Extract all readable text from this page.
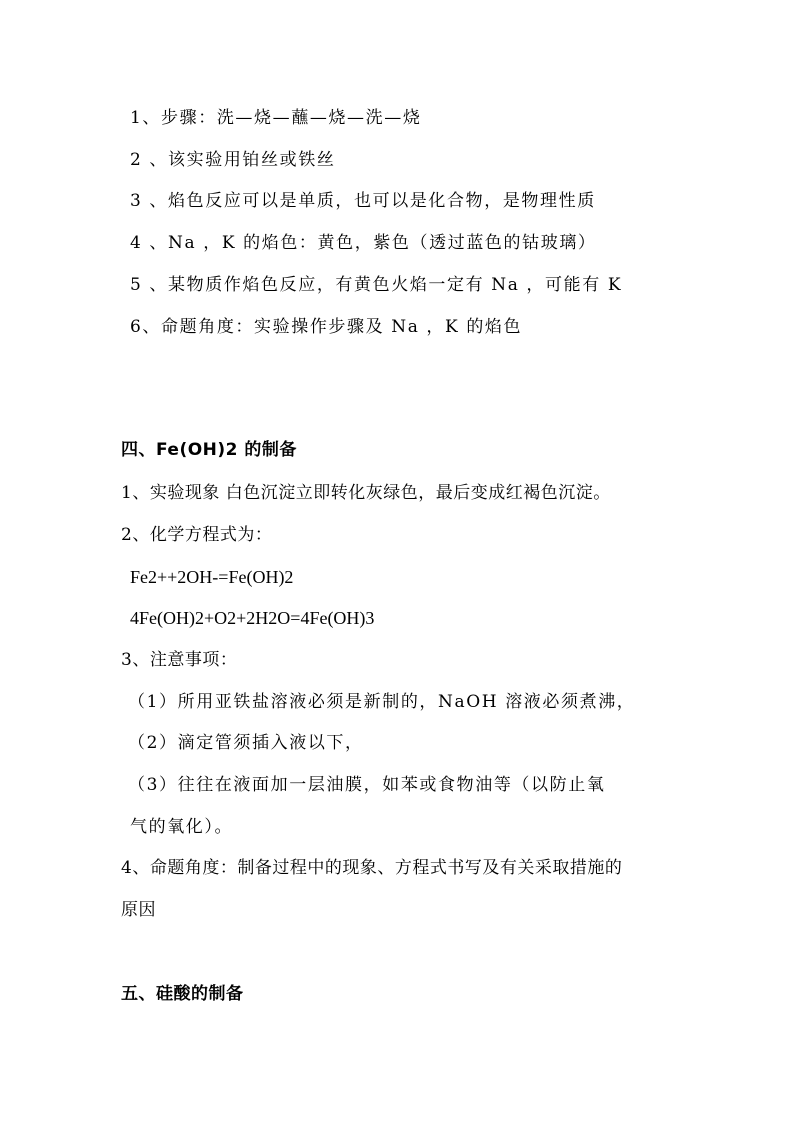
1、步骤：洗—烧—蘸—烧—洗—烧
2 、该实验用铂丝或铁丝
3 、焰色反应可以是单质，也可以是化合物，是物理性质
4 、Na ，K 的焰色：黄色，紫色（透过蓝色的钴玻璃）
5 、某物质作焰色反应，有黄色火焰一定有 Na ，可能有 K
6、命题角度：实验操作步骤及 Na ，K 的焰色
四、Fe(OH)2 的制备
1、实验现象 白色沉淀立即转化灰绿色，最后变成红褐色沉淀。
2、化学方程式为：
Fe2++2OH-=Fe(OH)2
4Fe(OH)2+O2+2H2O=4Fe(OH)3
3、注意事项：
（1）所用亚铁盐溶液必须是新制的，NaOH 溶液必须煮沸，
（2）滴定管须插入液以下，
（3）往往在液面加一层油膜，如苯或食物油等（以防止氧
气的氧化）。
4、命题角度：制备过程中的现象、方程式书写及有关采取措施的
原因
五、硅酸的制备
